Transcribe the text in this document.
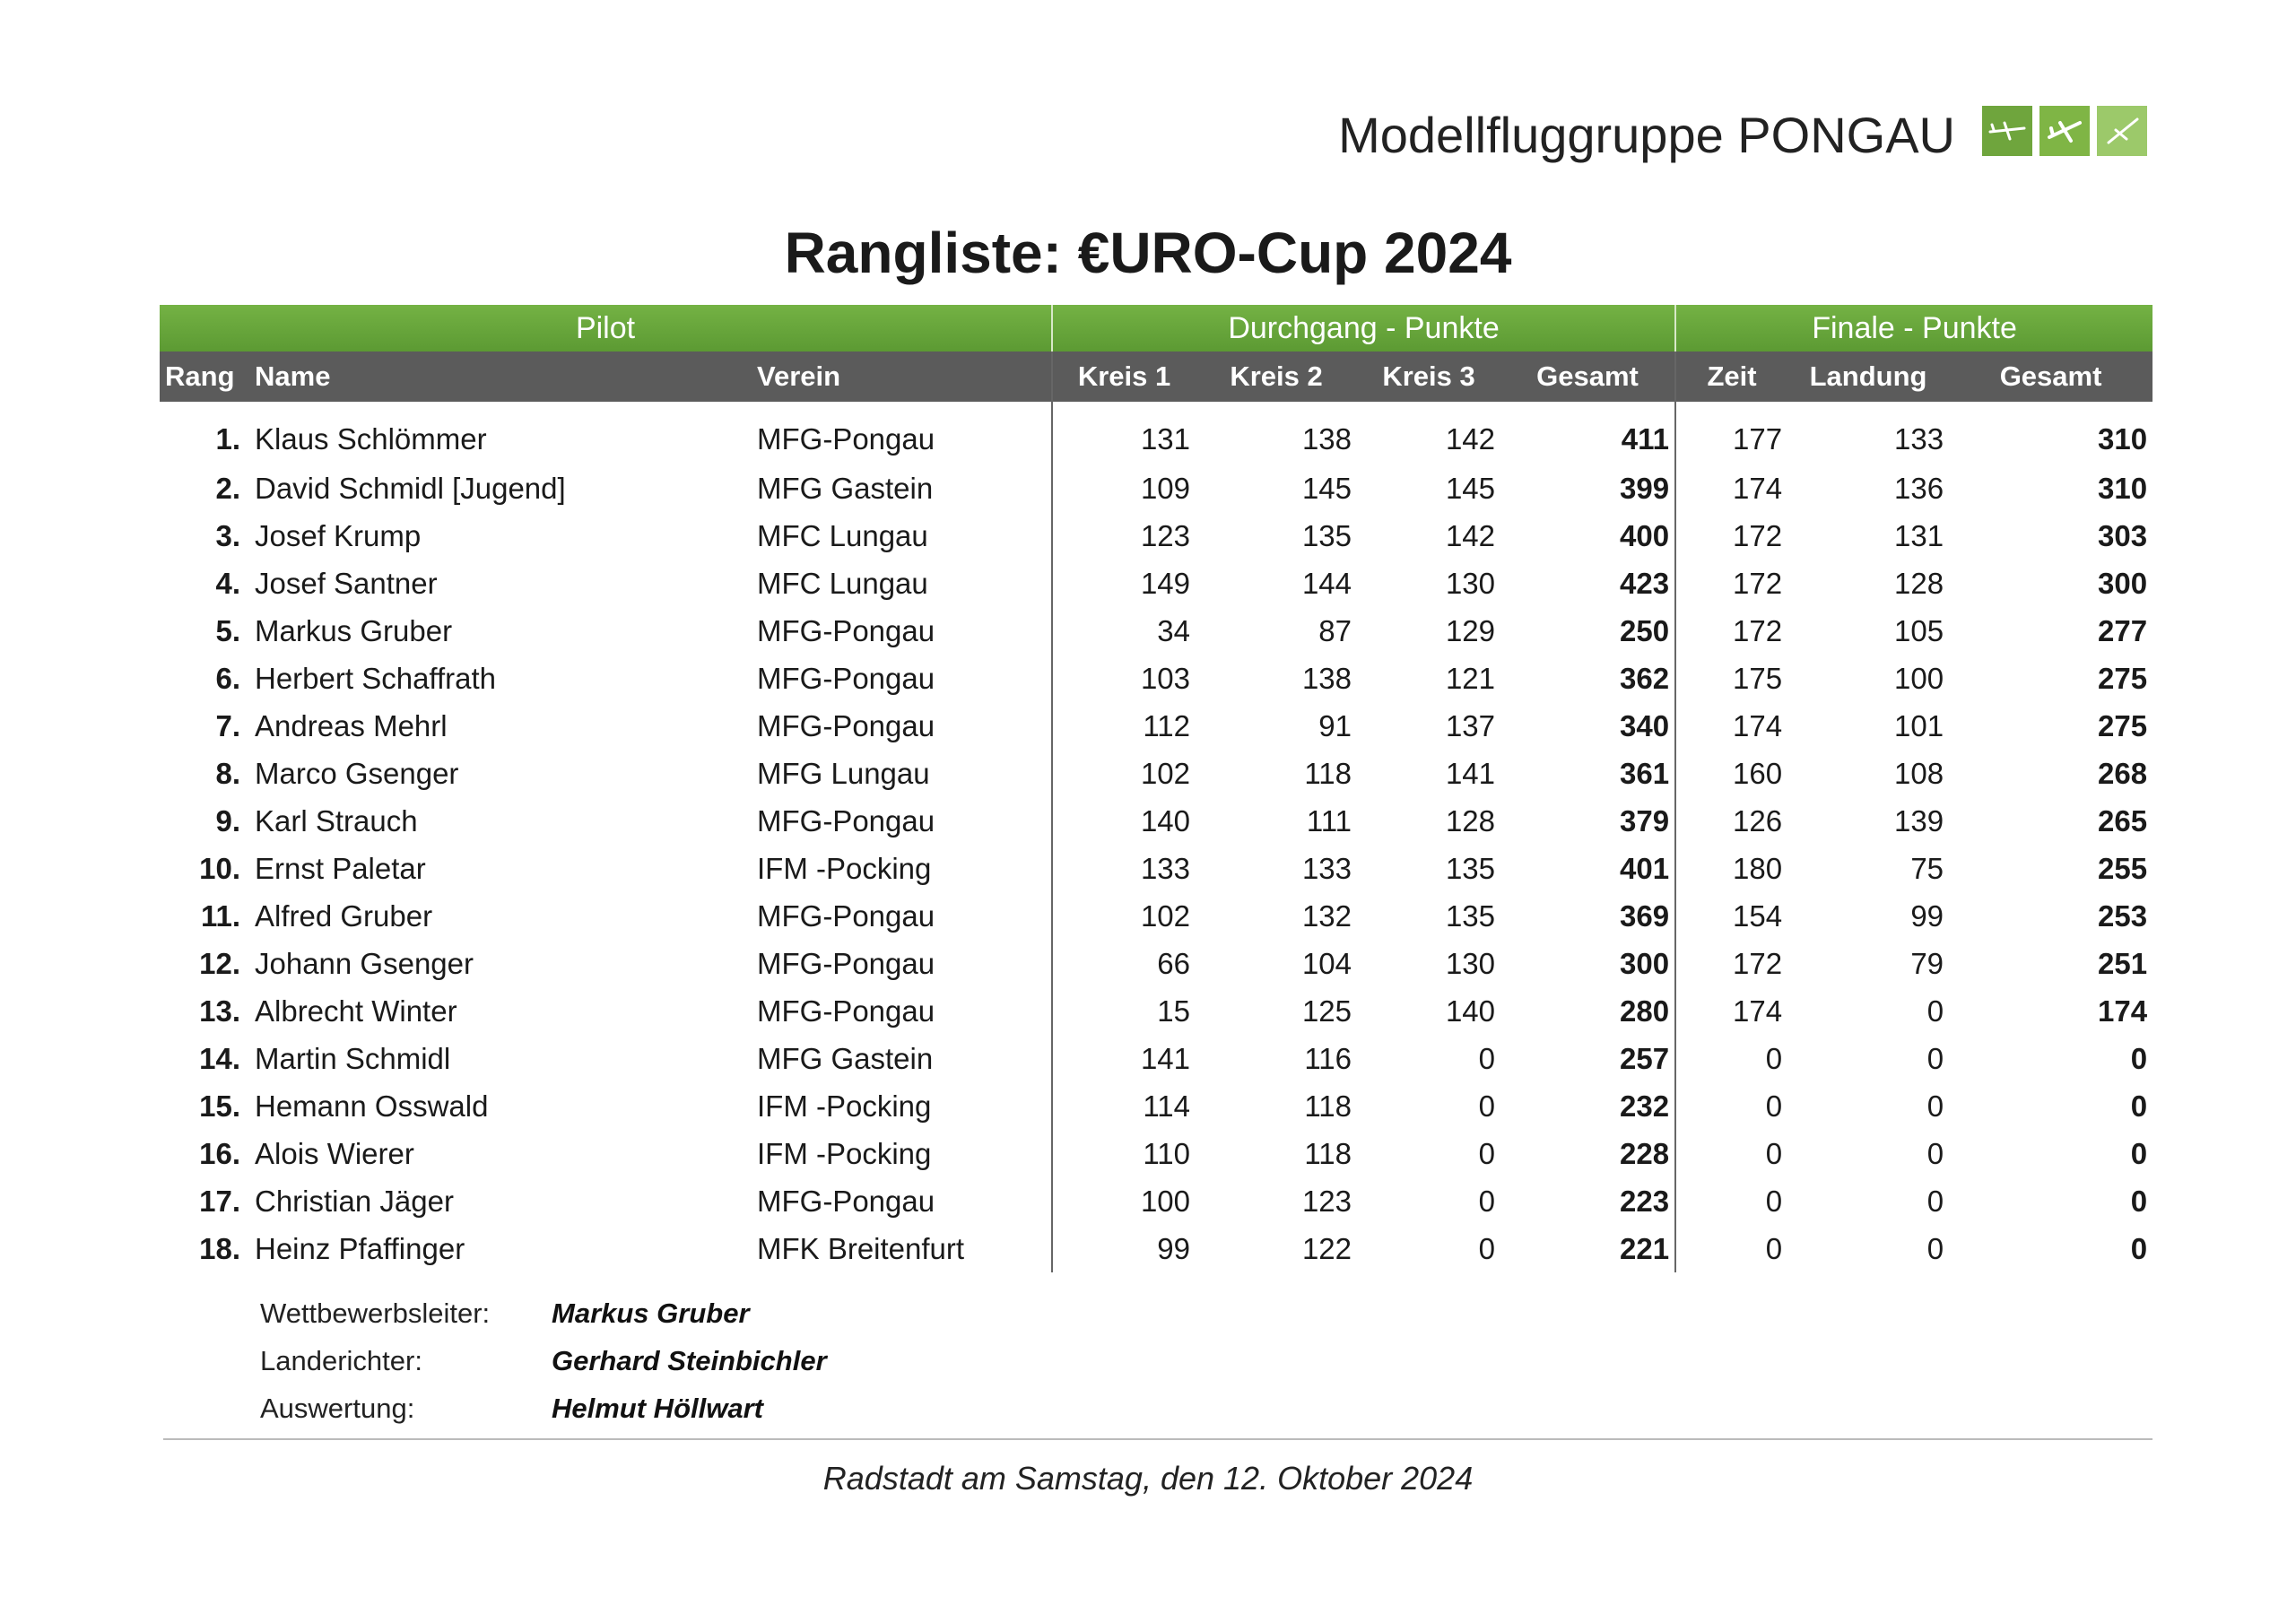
Modellfluggruppe PONGAU
Rangliste: €URO-Cup 2024
Pilot			Durchgang - Punkte				Finale - Punkte		
Rang	Name	Verein	Kreis 1	Kreis 2	Kreis 3	Gesamt	Zeit	Landung	Gesamt
1.	Klaus Schlömmer	MFG-Pongau	131	138	142	411	177	133	310
2.	David Schmidl [Jugend]	MFG Gastein	109	145	145	399	174	136	310
3.	Josef Krump	MFC Lungau	123	135	142	400	172	131	303
4.	Josef Santner	MFC Lungau	149	144	130	423	172	128	300
5.	Markus Gruber	MFG-Pongau	34	87	129	250	172	105	277
6.	Herbert Schaffrath	MFG-Pongau	103	138	121	362	175	100	275
7.	Andreas Mehrl	MFG-Pongau	112	91	137	340	174	101	275
8.	Marco Gsenger	MFG Lungau	102	118	141	361	160	108	268
9.	Karl Strauch	MFG-Pongau	140	111	128	379	126	139	265
10.	Ernst Paletar	IFM -Pocking	133	133	135	401	180	75	255
11.	Alfred Gruber	MFG-Pongau	102	132	135	369	154	99	253
12.	Johann Gsenger	MFG-Pongau	66	104	130	300	172	79	251
13.	Albrecht Winter	MFG-Pongau	15	125	140	280	174	0	174
14.	Martin Schmidl	MFG Gastein	141	116	0	257	0	0	0
15.	Hemann Osswald	IFM -Pocking	114	118	0	232	0	0	0
16.	Alois Wierer	IFM -Pocking	110	118	0	228	0	0	0
17.	Christian Jäger	MFG-Pongau	100	123	0	223	0	0	0
18.	Heinz Pfaffinger	MFK Breitenfurt	99	122	0	221	0	0	0
Wettbewerbsleiter:	Markus Gruber
Landerichter:	Gerhard Steinbichler
Auswertung:	Helmut Höllwart
Radstadt am Samstag, den 12. Oktober 2024
